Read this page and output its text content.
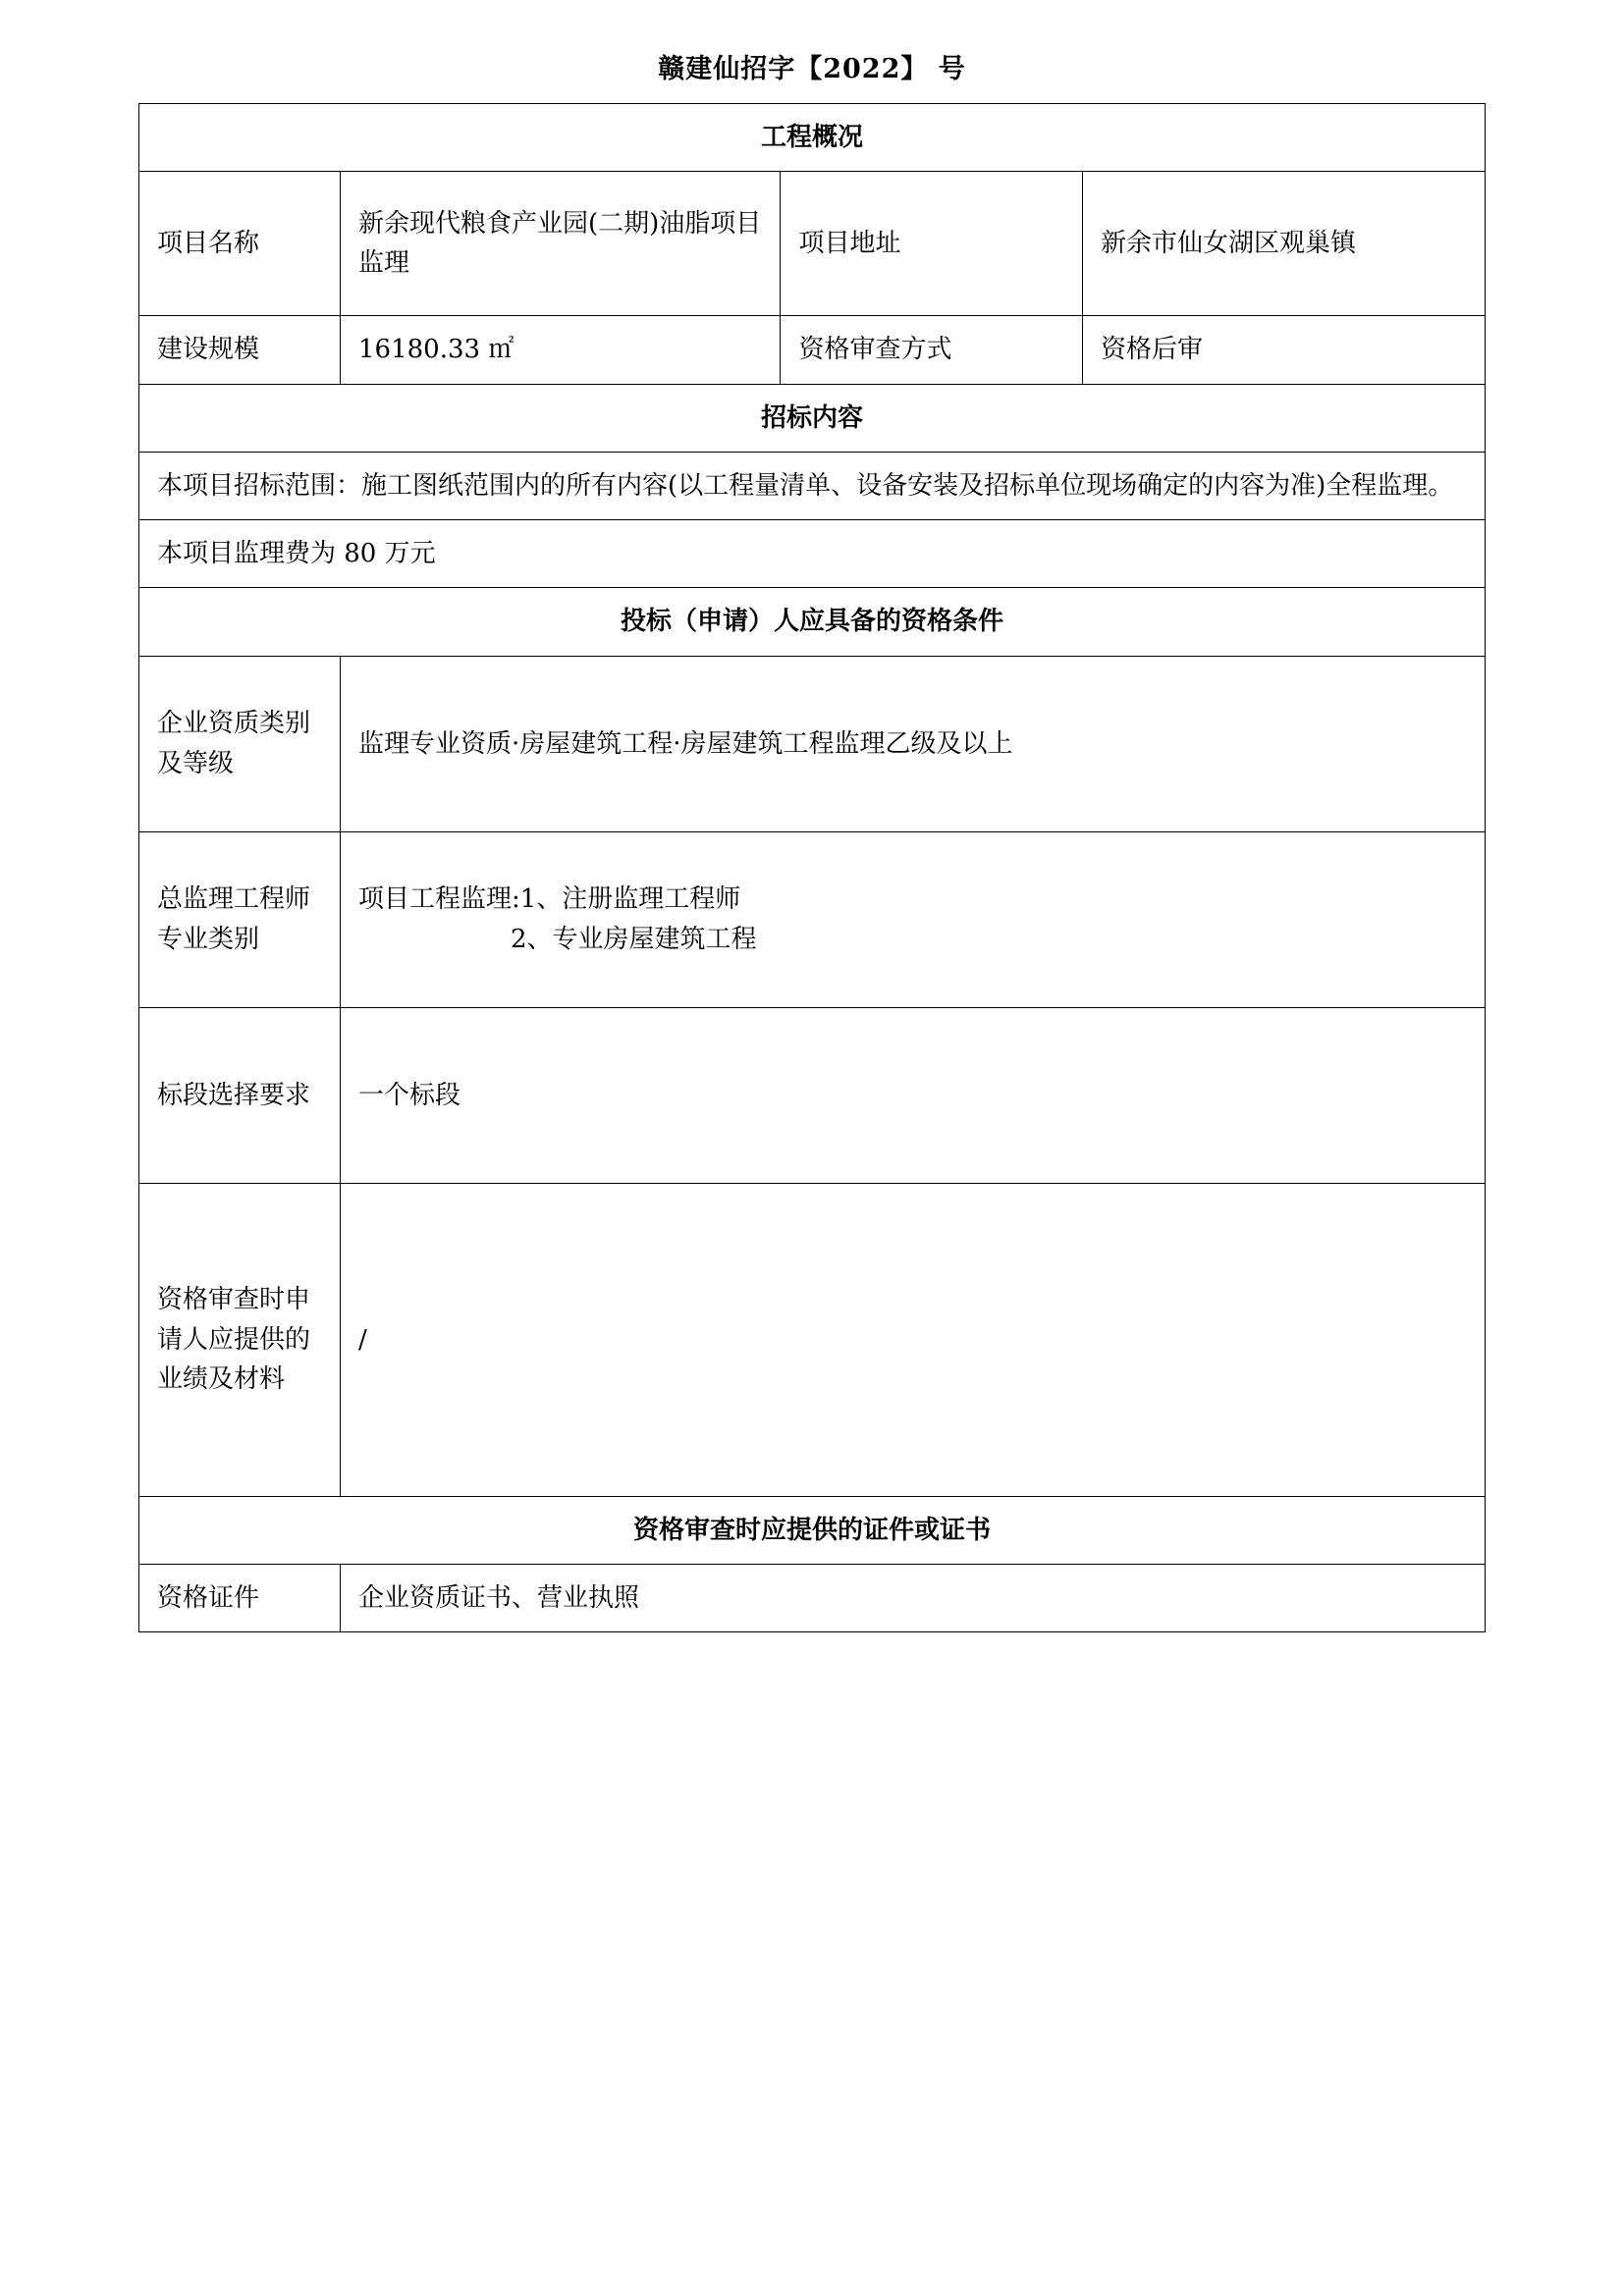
赣建仙招字【2022】 号
工程概况			
项目名称	新余现代粮食产业园(二期)油脂项目监理	项目地址	新余市仙女湖区观巢镇
建设规模	16180.33 ㎡	资格审查方式	资格后审
招标内容			
本项目招标范围：施工图纸范围内的所有内容(以工程量清单、设备安装及招标单位现场确定的内容为准)全程监理。			
本项目监理费为 80 万元			
投标（申请）人应具备的资格条件			
企业资质类别及等级	监理专业资质·房屋建筑工程·房屋建筑工程监理乙级及以上		
总监理工程师专业类别	项目工程监理:1、注册监理工程师
2、专业房屋建筑工程		

标段选择要求	一个标段		
资格审查时申请人应提供的业绩及材料	/		
资格审查时应提供的证件或证书			
资格证件	企业资质证书、营业执照		
